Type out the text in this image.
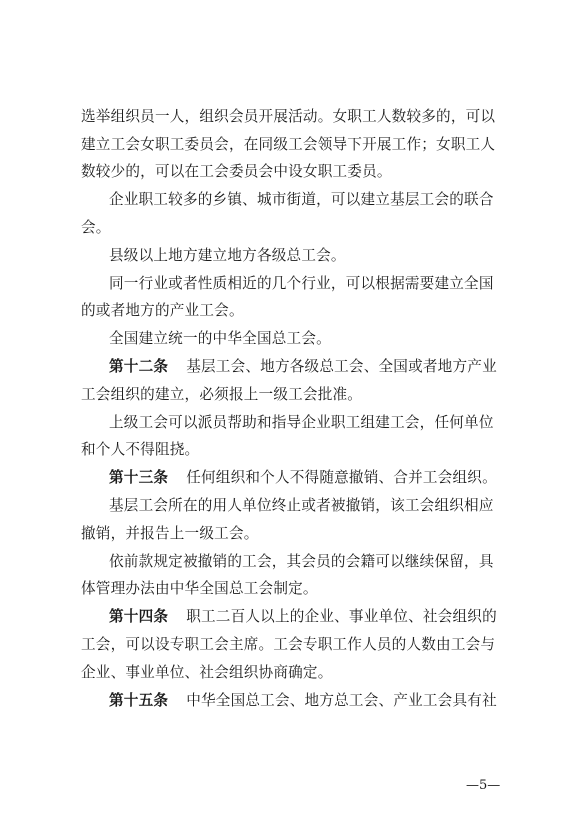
选举组织员一人，组织会员开展活动。女职工人数较多的，可以
建立工会女职工委员会，在同级工会领导下开展工作；女职工人
数较少的，可以在工会委员会中设女职工委员。
企业职工较多的乡镇、城市街道，可以建立基层工会的联合
会。
县级以上地方建立地方各级总工会。
同一行业或者性质相近的几个行业，可以根据需要建立全国
的或者地方的产业工会。
全国建立统一的中华全国总工会。
第十二条 基层工会、地方各级总工会、全国或者地方产业
工会组织的建立，必须报上一级工会批准。
上级工会可以派员帮助和指导企业职工组建工会，任何单位
和个人不得阻挠。
第十三条 任何组织和个人不得随意撤销、合并工会组织。
基层工会所在的用人单位终止或者被撤销，该工会组织相应
撤销，并报告上一级工会。
依前款规定被撤销的工会，其会员的会籍可以继续保留，具
体管理办法由中华全国总工会制定。
第十四条 职工二百人以上的企业、事业单位、社会组织的
工会，可以设专职工会主席。工会专职工作人员的人数由工会与
企业、事业单位、社会组织协商确定。
第十五条 中华全国总工会、地方总工会、产业工会具有社
—5—
